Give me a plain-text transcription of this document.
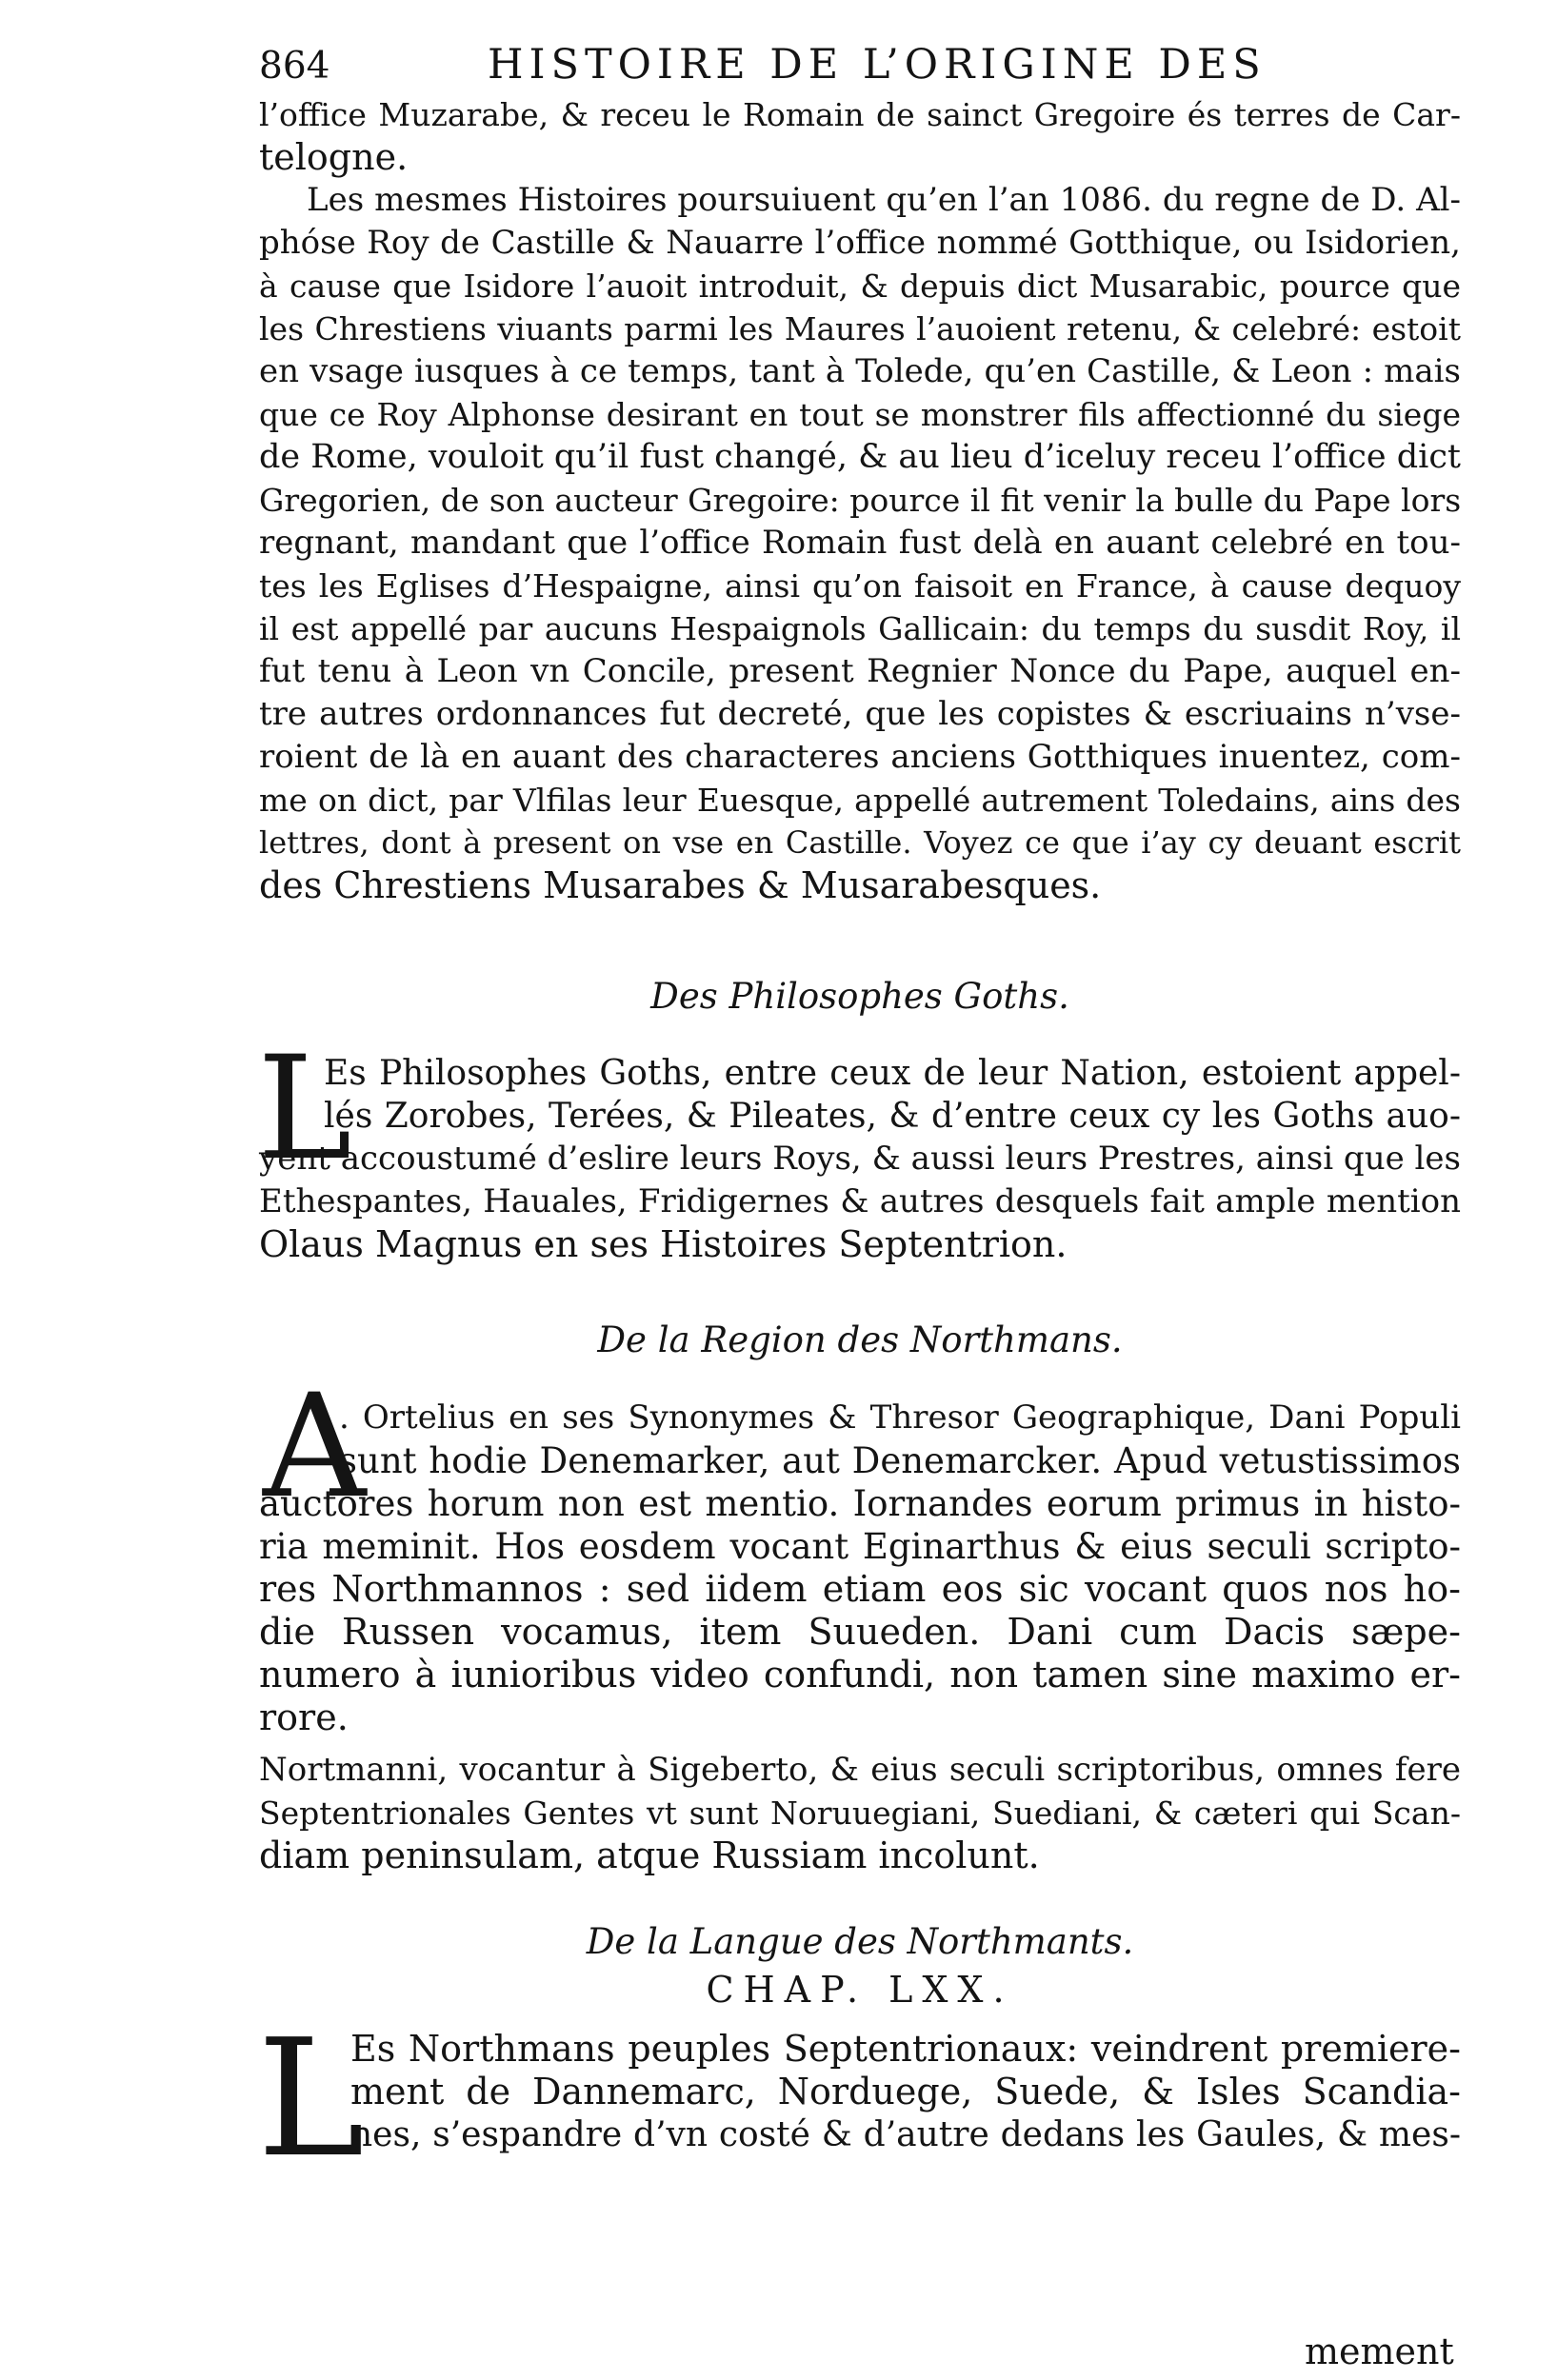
864	HISTOIRE DE L’ORIGINE DES
l’office Muzarabe, & receu le Romain de sainct Gregoire és terres de Car-
telogne.
Les mesmes Histoires poursuiuent qu’en l’an 1086. du regne de D. Al-
phóse Roy de Castille & Nauarre l’office nommé Gotthique, ou Isidorien,
à cause que Isidore l’auoit introduit, & depuis dict Musarabic, pource que
les Chrestiens viuants parmi les Maures l’auoient retenu, & celebré: estoit
en vsage iusques à ce temps, tant à Tolede, qu’en Castille, & Leon : mais
que ce Roy Alphonse desirant en tout se monstrer fils affectionné du siege
de Rome, vouloit qu’il fust changé, & au lieu d’iceluy receu l’office dict
Gregorien, de son aucteur Gregoire: pource il fit venir la bulle du Pape lors
regnant, mandant que l’office Romain fust delà en auant celebré en tou-
tes les Eglises d’Hespaigne, ainsi qu’on faisoit en France, à cause dequoy
il est appellé par aucuns Hespaignols Gallicain: du temps du susdit Roy, il
fut tenu à Leon vn Concile, present Regnier Nonce du Pape, auquel en-
tre autres ordonnances fut decreté, que les copistes & escriuains n’vse-
roient de là en auant des characteres anciens Gotthiques inuentez, com-
me on dict, par Vlfilas leur Euesque, appellé autrement Toledains, ains des
lettres, dont à present on vse en Castille. Voyez ce que i’ay cy deuant escrit
des Chrestiens Musarabes & Musarabesques.
Des Philosophes Goths.
L
Es Philosophes Goths, entre ceux de leur Nation, estoient appel-
lés Zorobes, Terées, & Pileates, & d’entre ceux cy les Goths auo-
yent accoustumé d’eslire leurs Roys, & aussi leurs Prestres, ainsi que les
Ethespantes, Hauales, Fridigernes & autres desquels fait ample mention
Olaus Magnus en ses Histoires Septentrion.
De la Region des Northmans.
A
. Ortelius en ses Synonymes & Thresor Geographique, Dani Populi
sunt hodie Denemarker, aut Denemarcker. Apud vetustissimos
auctores horum non est mentio. Iornandes eorum primus in histo-
ria meminit. Hos eosdem vocant Eginarthus & eius seculi scripto-
res Northmannos : sed iidem etiam eos sic vocant quos nos ho-
die Russen vocamus, item Suueden. Dani cum Dacis sæpe-
numero à iunioribus video confundi, non tamen sine maximo er-
rore.
Nortmanni, vocantur à Sigeberto, & eius seculi scriptoribus, omnes fere
Septentrionales Gentes vt sunt Noruuegiani, Suediani, & cæteri qui Scan-
diam peninsulam, atque Russiam incolunt.
De la Langue des Northmants.
CHAP. LXX.
L
Es Northmans peuples Septentrionaux: veindrent premiere-
ment de Dannemarc, Norduege, Suede, & Isles Scandia-
nes, s’espandre d’vn costé & d’autre dedans les Gaules, & mes-
mement
